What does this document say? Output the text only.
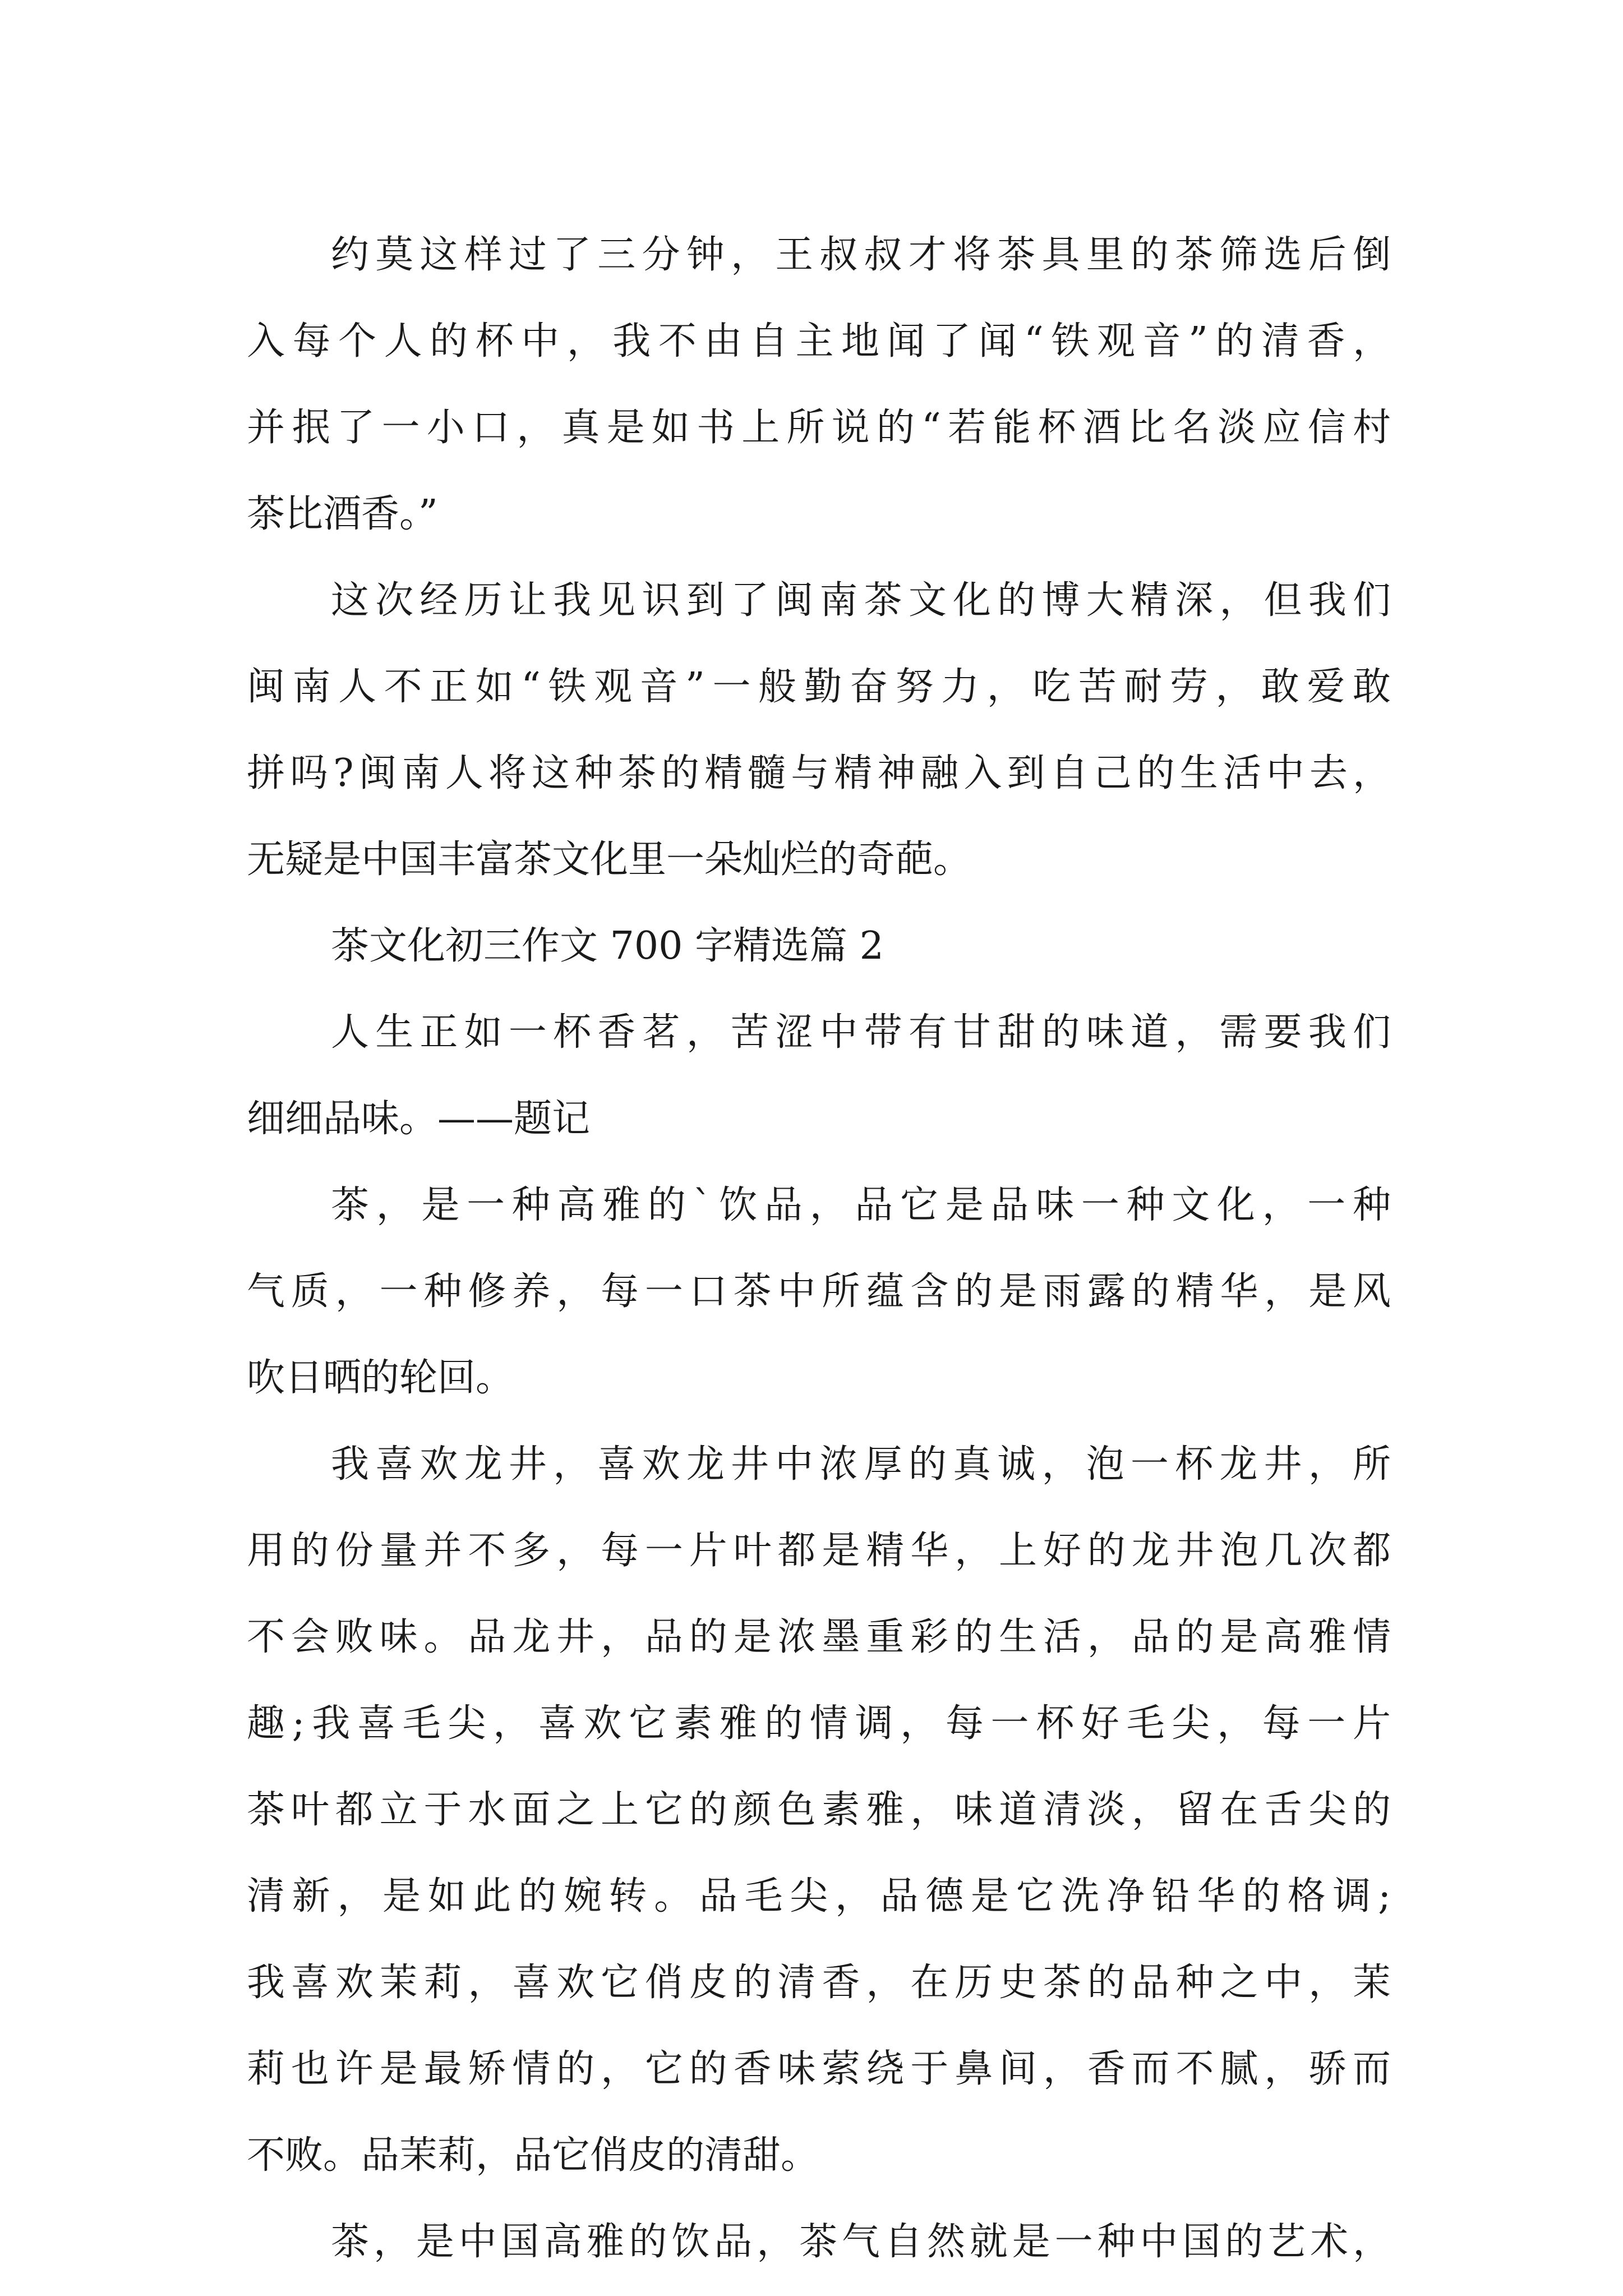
约莫这样过了三分钟，王叔叔才将茶具里的茶筛选后倒
入每个人的杯中，我不由自主地闻了闻“铁观音”的清香，
并抿了一小口，真是如书上所说的“若能杯酒比名淡应信村
茶比酒香。”
这次经历让我见识到了闽南茶文化的博大精深，但我们
闽南人不正如“铁观音”一般勤奋努力，吃苦耐劳，敢爱敢
拼吗?闽南人将这种茶的精髓与精神融入到自己的生活中去，
无疑是中国丰富茶文化里一朵灿烂的奇葩。
茶文化初三作文 700 字精选篇 2
人生正如一杯香茗，苦涩中带有甘甜的味道，需要我们
细细品味。——题记
茶，是一种高雅的`饮品，品它是品味一种文化，一种
气质，一种修养，每一口茶中所蕴含的是雨露的精华，是风
吹日晒的轮回。
我喜欢龙井，喜欢龙井中浓厚的真诚，泡一杯龙井，所
用的份量并不多，每一片叶都是精华，上好的龙井泡几次都
不会败味。品龙井，品的是浓墨重彩的生活，品的是高雅情
趣;我喜毛尖，喜欢它素雅的情调，每一杯好毛尖，每一片
茶叶都立于水面之上它的颜色素雅，味道清淡，留在舌尖的
清新，是如此的婉转。品毛尖，品德是它洗净铅华的格调;
我喜欢茉莉，喜欢它俏皮的清香，在历史茶的品种之中，茉
莉也许是最矫情的，它的香味萦绕于鼻间，香而不腻，骄而
不败。品茉莉，品它俏皮的清甜。
茶，是中国高雅的饮品，茶气自然就是一种中国的艺术，
